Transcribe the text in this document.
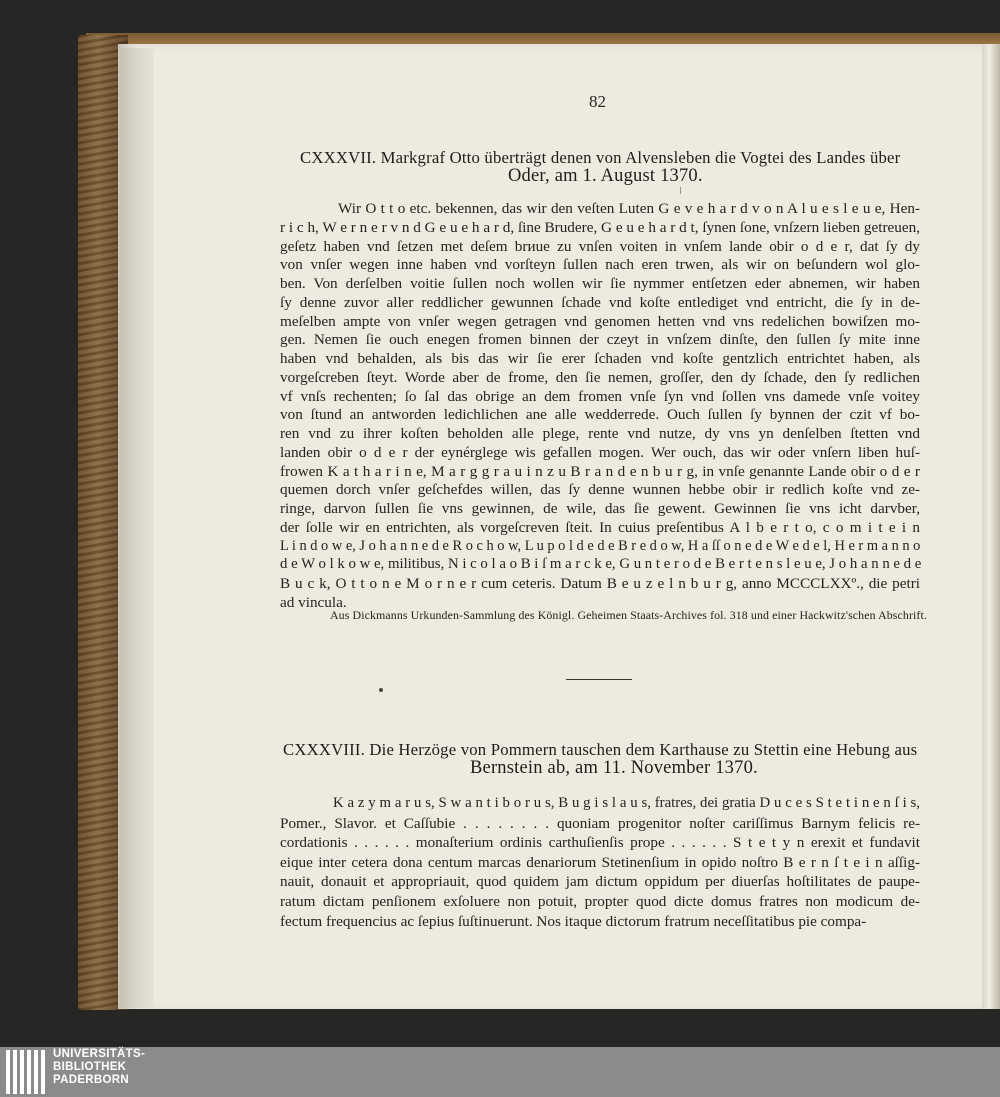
82
CXXXVII. Markgraf Otto überträgt denen von Alvensleben die Vogtei des Landes über
Oder, am 1. August 1370.
Wir O t t o etc. bekennen, das wir den veſten Luten G e v e h a r d v o n A l u e s l e u e, Hen-
r i c h, W e r n e r v n d G e u e h a r d, ſine Brudere, G e u e h a r d t, ſynen ſone, vnſzern lieben getreuen,
geſetz haben vnd ſetzen met deſem brиue zu vnſen voiten in vnſem lande obir o d e r, dat ſy dy
von vnſer wegen inne haben vnd vorſteyn ſullen nach eren trwen, als wir on beſundern wol glo-
ben. Von derſelben voitie ſullen noch wollen wir ſie nymmer entſetzen eder abnemen, wir haben
ſy denne zuvor aller reddlicher gewunnen ſchade vnd koſte entlediget vnd entricht, die ſy in de-
meſelben ampte von vnſer wegen getragen vnd genomen hetten vnd vns redelichen bowiſzen mo-
gen. Nemen ſie ouch enegen fromen binnen der czeyt in vnſzem dinſte, den ſullen ſy mite inne
haben vnd behalden, als bis das wir ſie erer ſchaden vnd koſte gentzlich entrichtet haben, als
vorgeſcreben ſteyt. Worde aber de frome, den ſie nemen, groſſer, den dy ſchade, den ſy redlichen
vf vnſs rechenten; ſo ſal das obrige an dem fromen vnſe ſyn vnd ſollen vns damede vnſe voitey
von ſtund an antworden ledichlichen ane alle wedderrede. Ouch ſullen ſy bynnen der czit vf bo-
ren vnd zu ihrer koſten beholden alle plege, rente vnd nutze, dy vns yn denſelben ſtetten vnd
landen obir o d e r der eynérglege wis gefallen mogen. Wer ouch, das wir oder vnſern liben huſ-
frowen K a t h a r i n e, M a r g g r a u i n z u B r a n d e n b u r g, in vnſe genannte Lande obir o d e r
quemen dorch vnſer geſchefdes willen, das ſy denne wunnen hebbe obir ir redlich koſte vnd ze-
ringe, darvon ſullen ſie vns gewinnen, de wile, das ſie gewent. Gewinnen ſie vns icht darvber,
der ſolle wir en entrichten, als vorgeſcreven ſteit. In cuius preſentibus A l b e r t o, c o m i t e i n
L i n d o w e, J o h a n n e d e R o c h o w, L u p o l d e d e B r e d o w, H a ſſ o n e d e W e d e l, H e r m a n n o
d e W o l k o w e, militibus, N i c o l a o B i ſ m a r c k e, G u n t e r o d e B e r t e n s l e u e, J o h a n n e d e
B u c k, O t t o n e M o r n e r cum ceteris. Datum B e u z e l n b u r g, anno MCCCLXXº., die petri
ad vincula.
Aus Dickmanns Urkunden-Sammlung des Königl. Geheimen Staats-Archives fol. 318 und einer Hackwitz'schen Abschrift.
CXXXVIII. Die Herzöge von Pommern tauschen dem Karthause zu Stettin eine Hebung aus
Bernstein ab, am 11. November 1370.
K a z y m a r u s, S w a n t i b o r u s, B u g i s l a u s, fratres, dei gratia D u c e s S t e t i n e n ſ i s,
Pomer., Slavor. et Caſſubie . . . . . . . . quoniam progenitor noſter cariſſimus Barnym felicis re-
cordationis . . . . . . monaſterium ordinis carthuſienſis prope . . . . . . S t e t y n erexit et fundavit
eique inter cetera dona centum marcas denariorum Stetinenſium in opido noſtro B e r n ſ t e i n aſſig-
nauit, donauit et appropriauit, quod quidem jam dictum oppidum per diuerſas hoſtilitates de paupe-
ratum dictam penſionem exſoluere non potuit, propter quod dicte domus fratres non modicum de-
fectum frequencius ac ſepius ſuſtinuerunt. Nos itaque dictorum fratrum neceſſitatibus pie compa-
UNIVERSITÄTS-
BIBLIOTHEK
PADERBORN
